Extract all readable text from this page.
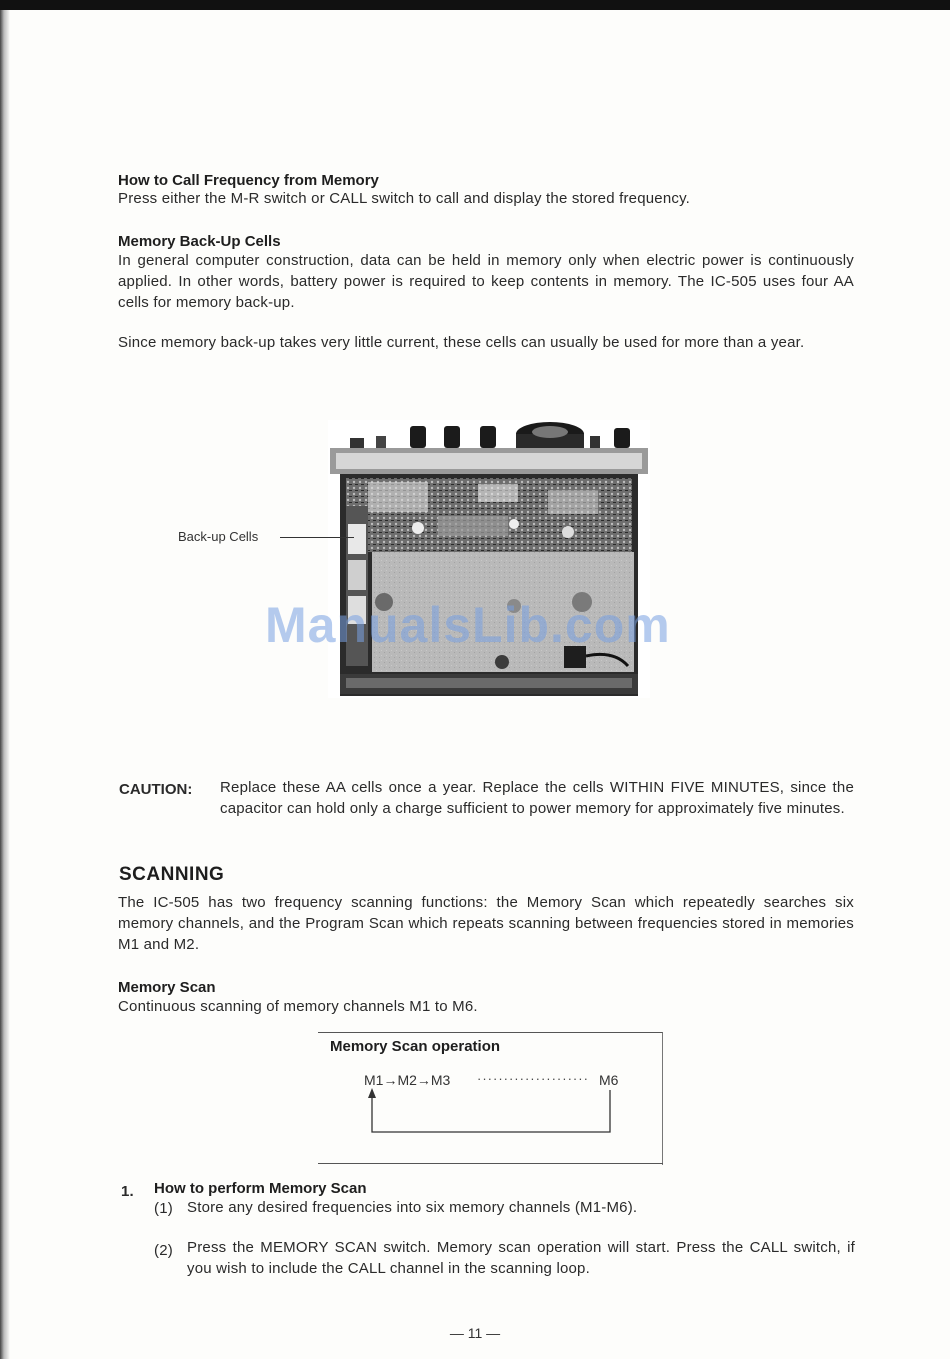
How to Call Frequency from Memory
Press either the M-R switch or CALL switch to call and display the stored frequency.
Memory Back-Up Cells
In general computer construction, data can be held in memory only when electric power is continuously applied. In other words, battery power is required to keep contents in memory. The IC-505 uses four AA cells for memory back-up.
Since memory back-up takes very little current, these cells can usually be used for more than a year.
Back-up Cells
ManualsLib.com
CAUTION: Replace these AA cells once a year. Replace the cells WITHIN FIVE MINUTES, since the capacitor can hold only a charge sufficient to power memory for approximately five minutes.
SCANNING
The IC-505 has two frequency scanning functions: the Memory Scan which repeatedly searches six memory channels, and the Program Scan which repeats scanning between frequencies stored in memories M1 and M2.
Memory Scan
Continuous scanning of memory channels M1 to M6.
Memory Scan operation
M1→M2→M3 ····················· M6
1. How to perform Memory Scan
(1) Store any desired frequencies into six memory channels (M1-M6).
(2) Press the MEMORY SCAN switch. Memory scan operation will start. Press the CALL switch, if you wish to include the CALL channel in the scanning loop.
— 11 —
